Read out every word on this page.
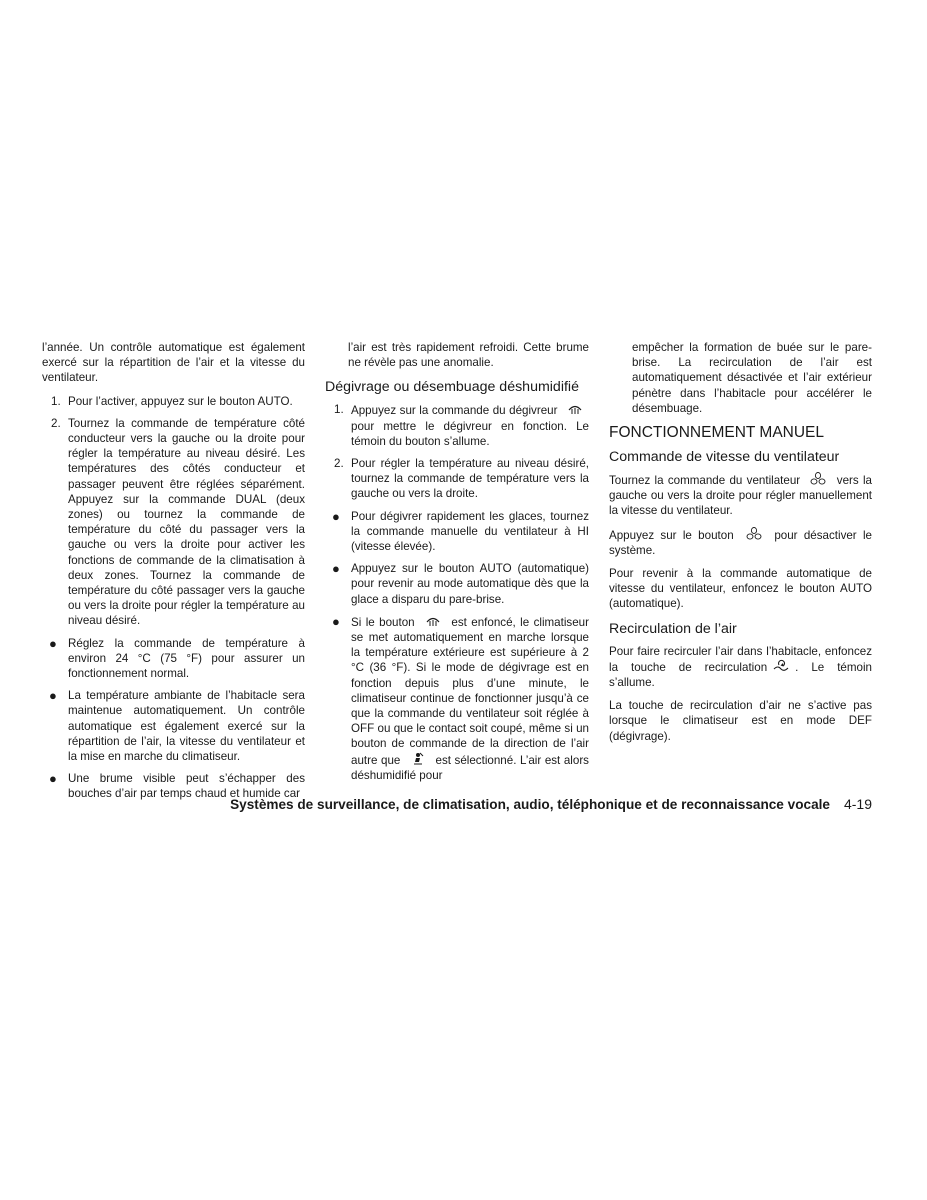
l’année. Un contrôle automatique est également exercé sur la répartition de l’air et la vitesse du ventilateur.

1. Pour l’activer, appuyez sur le bouton AUTO.
2. Tournez la commande de température côté conducteur vers la gauche ou la droite pour régler la température au niveau désiré. Les températures des côtés conducteur et passager peuvent être réglées séparément. Appuyez sur la commande DUAL (deux zones) ou tournez la commande de température du côté du passager vers la gauche ou vers la droite pour activer les fonctions de commande de la climatisation à deux zones. Tournez la commande de température du côté passager vers la gauche ou vers la droite pour régler la température au niveau désiré.
● Réglez la commande de température à environ 24 °C (75 °F) pour assurer un fonctionnement normal.
● La température ambiante de l’habitacle sera maintenue automatiquement. Un contrôle automatique est également exercé sur la répartition de l’air, la vitesse du ventilateur et la mise en marche du climatiseur.
● Une brume visible peut s’échapper des bouches d’air par temps chaud et humide car

l’air est très rapidement refroidi. Cette brume ne révèle pas une anomalie.

Dégivrage ou désembuage déshumidifié
1. Appuyez sur la commande du dégivreur  pour mettre le dégivreur en fonction. Le témoin du bouton s’allume.
2. Pour régler la température au niveau désiré, tournez la commande de température vers la gauche ou vers la droite.
● Pour dégivrer rapidement les glaces, tournez la commande manuelle du ventilateur à HI (vitesse élevée).
● Appuyez sur le bouton AUTO (automatique) pour revenir au mode automatique dès que la glace a disparu du pare-brise.
● Si le bouton	est enfoncé, le climatiseur se met automatiquement en marche lorsque la température extérieure est supérieure à 2 °C (36 °F). Si le mode de dégivrage est en fonction depuis plus d’une minute, le climatiseur continue de fonctionner jusqu’à ce que la commande du ventilateur soit réglée à OFF ou que le contact soit coupé, même si un bouton de commande de la direction de l’air autre que	est sélectionné. L’air est alors déshumidifié pour

empêcher la formation de buée sur le pare-brise. La recirculation de l’air est automatiquement désactivée et l’air extérieur pénètre dans l’habitacle pour accélérer le désembuage.

FONCTIONNEMENT MANUEL
Commande de vitesse du ventilateur

Tournez la commande du ventilateur	vers la gauche ou vers la droite pour régler manuellement la vitesse du ventilateur.

Appuyez sur le bouton	pour désactiver le système.

Pour revenir à la commande automatique de vitesse du ventilateur, enfoncez le bouton AUTO (automatique).

Recirculation de l’air

Pour faire recirculer l’air dans l’habitacle, enfoncez la touche de recirculation . Le témoin s’allume.

La touche de recirculation d’air ne s’active pas lorsque le climatiseur est en mode DEF (dégivrage).

Systèmes de surveillance, de climatisation, audio, téléphonique et de reconnaissance vocale 4-19
